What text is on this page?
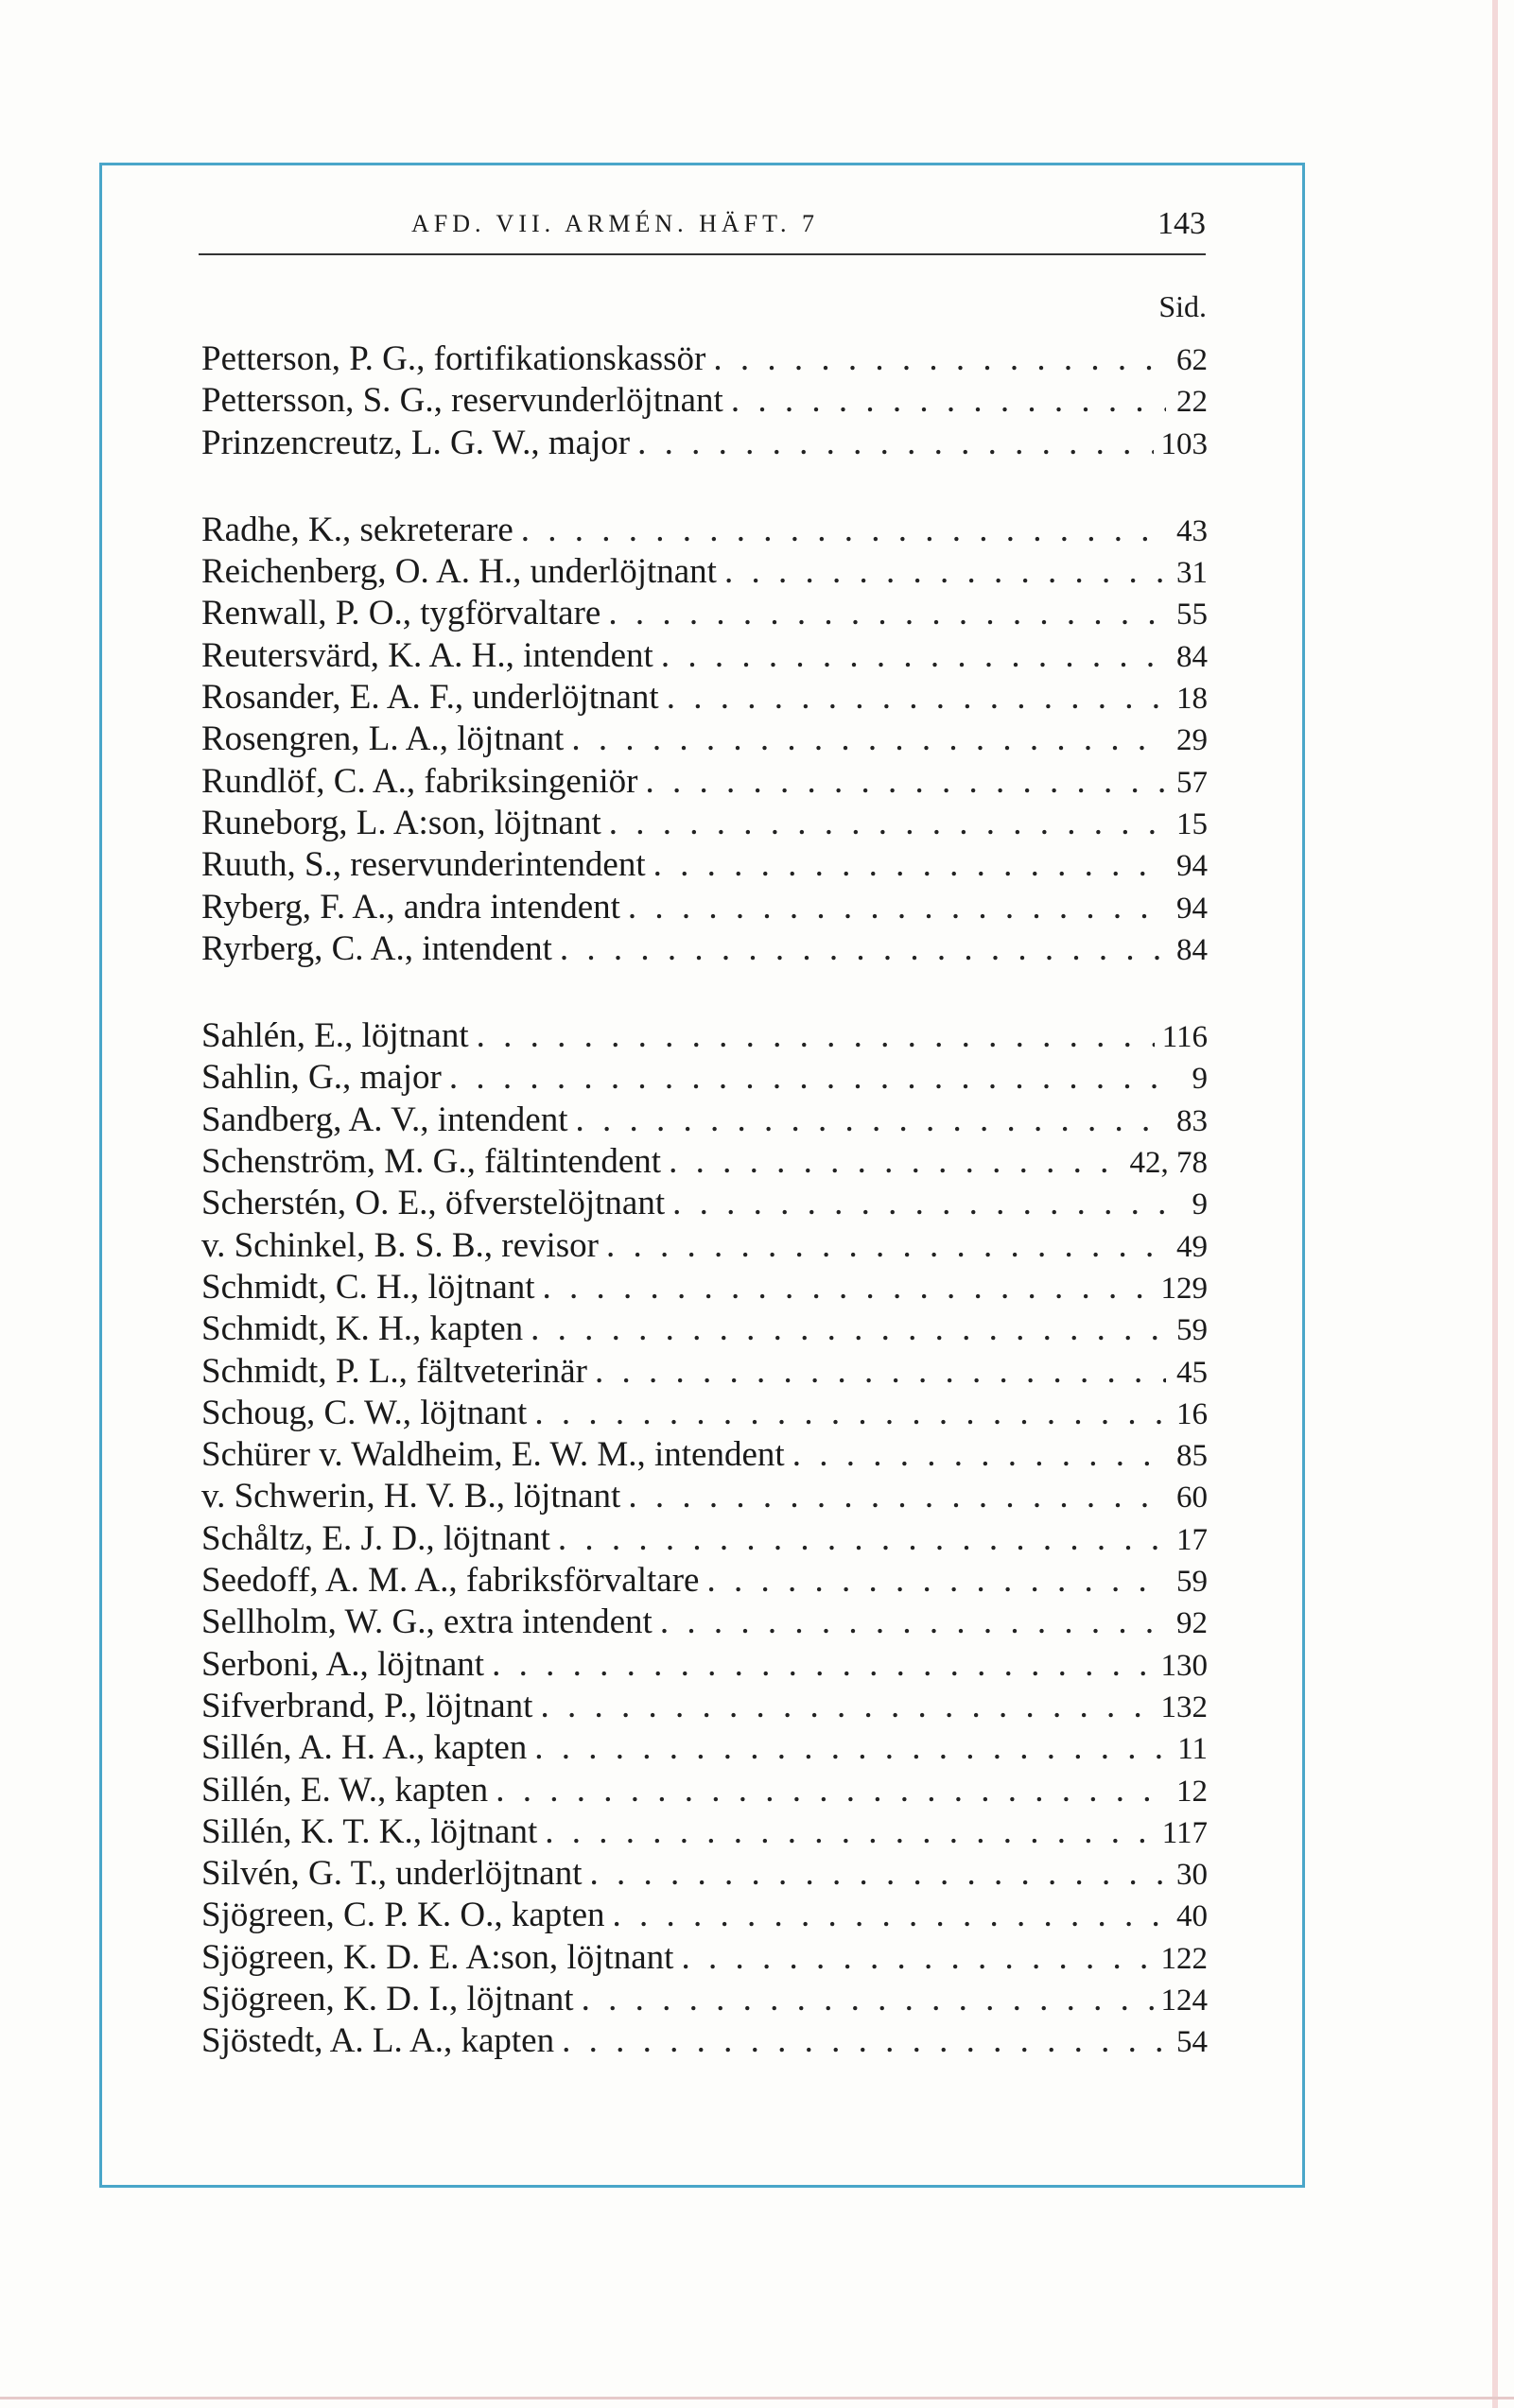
AFD. VII. ARMÉN. HÄFT. 7	143
Sid.
Petterson, P. G., fortifikationskassör . . .	62
Pettersson, S. G., reservunderlöjtnant . . .	22
Prinzencreutz, L. G. W., major . . .	103
Radhe, K., sekreterare . . .	43
Reichenberg, O. A. H., underlöjtnant . . .	31
Renwall, P. O., tygförvaltare . . .	55
Reutersvärd, K. A. H., intendent . . .	84
Rosander, E. A. F., underlöjtnant . . .	18
Rosengren, L. A., löjtnant . . .	29
Rundlöf, C. A., fabriksingeniör . . .	57
Runeborg, L. A:son, löjtnant . . .	15
Ruuth, S., reservunderintendent . . .	94
Ryberg, F. A., andra intendent . . .	94
Ryrberg, C. A., intendent . . .	84
Sahlén, E., löjtnant . . .	116
Sahlin, G., major . . .	9
Sandberg, A. V., intendent . . .	83
Schenström, M. G., fältintendent . . .	42, 78
Scherstén, O. E., öfverstelöjtnant . . .	9
v. Schinkel, B. S. B., revisor . . .	49
Schmidt, C. H., löjtnant . . .	129
Schmidt, K. H., kapten . . .	59
Schmidt, P. L., fältveterinär . . .	45
Schoug, C. W., löjtnant . . .	16
Schürer v. Waldheim, E. W. M., intendent . . .	85
v. Schwerin, H. V. B., löjtnant . . .	60
Schåltz, E. J. D., löjtnant . . .	17
Seedoff, A. M. A., fabriksförvaltare . . .	59
Sellholm, W. G., extra intendent . . .	92
Serboni, A., löjtnant . . .	130
Sifverbrand, P., löjtnant . . .	132
Sillén, A. H. A., kapten . . .	11
Sillén, E. W., kapten . . .	12
Sillén, K. T. K., löjtnant . . .	117
Silvén, G. T., underlöjtnant . . .	30
Sjögreen, C. P. K. O., kapten . . .	40
Sjögreen, K. D. E. A:son, löjtnant . . .	122
Sjögreen, K. D. I., löjtnant . . .	124
Sjöstedt, A. L. A., kapten . . .	54
